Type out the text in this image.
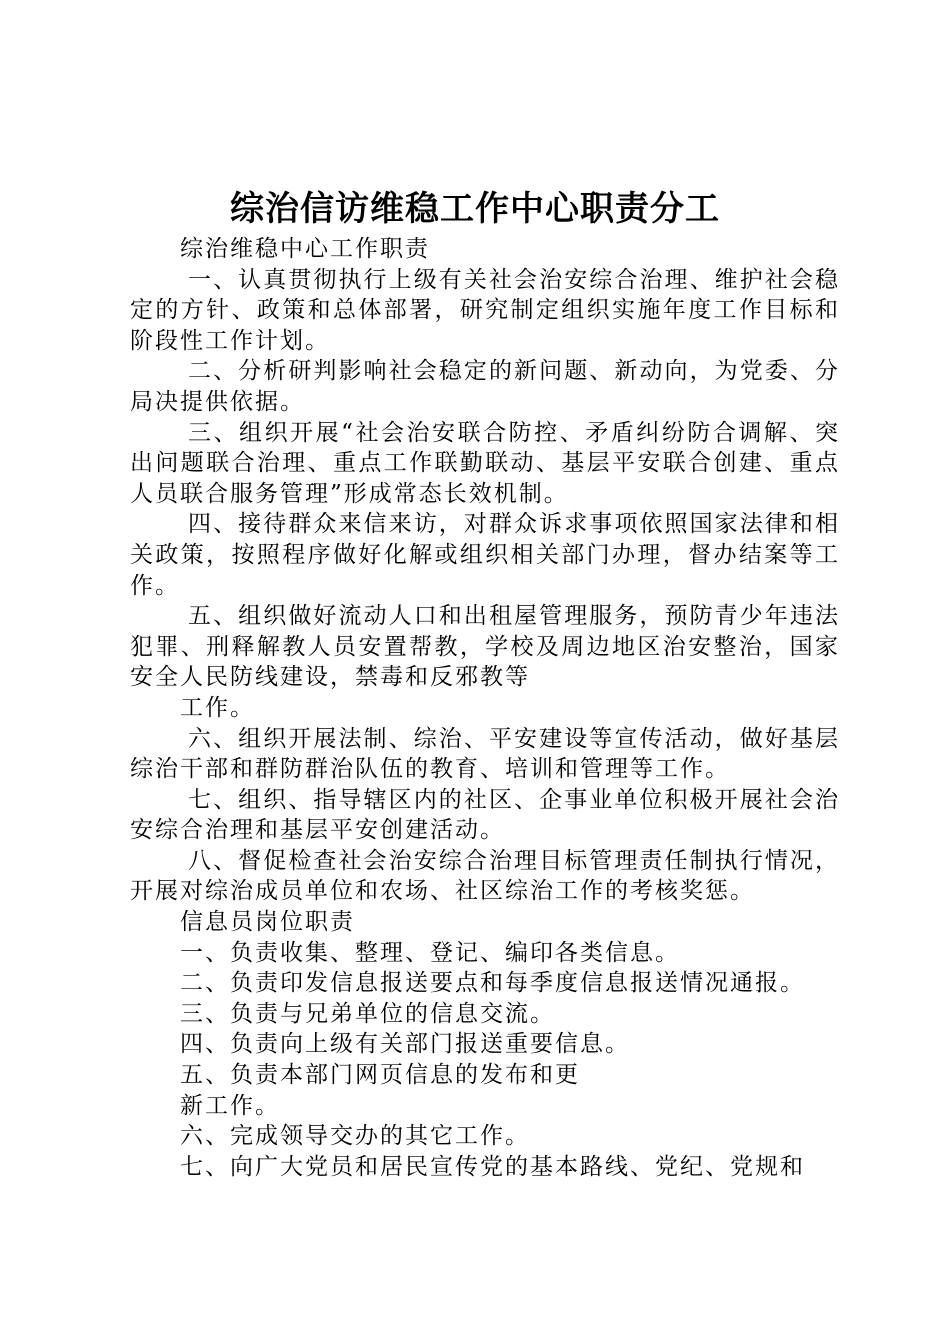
综治信访维稳工作中心职责分工

综治维稳中心工作职责

一、认真贯彻执行上级有关社会治安综合治理、维护社会稳定的方针、政策和总体部署，研究制定组织实施年度工作目标和阶段性工作计划。

二、分析研判影响社会稳定的新问题、新动向，为党委、分局决提供依据。

三、组织开展“社会治安联合防控、矛盾纠纷防合调解、突出问题联合治理、重点工作联勤联动、基层平安联合创建、重点人员联合服务管理”形成常态长效机制。

四、接待群众来信来访，对群众诉求事项依照国家法律和相关政策，按照程序做好化解或组织相关部门办理，督办结案等工作。

五、组织做好流动人口和出租屋管理服务，预防青少年违法犯罪、刑释解教人员安置帮教，学校及周边地区治安整治，国家安全人民防线建设，禁毒和反邪教等

工作。

六、组织开展法制、综治、平安建设等宣传活动，做好基层综治干部和群防群治队伍的教育、培训和管理等工作。

七、组织、指导辖区内的社区、企事业单位积极开展社会治安综合治理和基层平安创建活动。

八、督促检查社会治安综合治理目标管理责任制执行情况，开展对综治成员单位和农场、社区综治工作的考核奖惩。

信息员岗位职责

一、负责收集、整理、登记、编印各类信息。

二、负责印发信息报送要点和每季度信息报送情况通报。

三、负责与兄弟单位的信息交流。

四、负责向上级有关部门报送重要信息。

五、负责本部门网页信息的发布和更

新工作。

六、完成领导交办的其它工作。

七、向广大党员和居民宣传党的基本路线、党纪、党规和
